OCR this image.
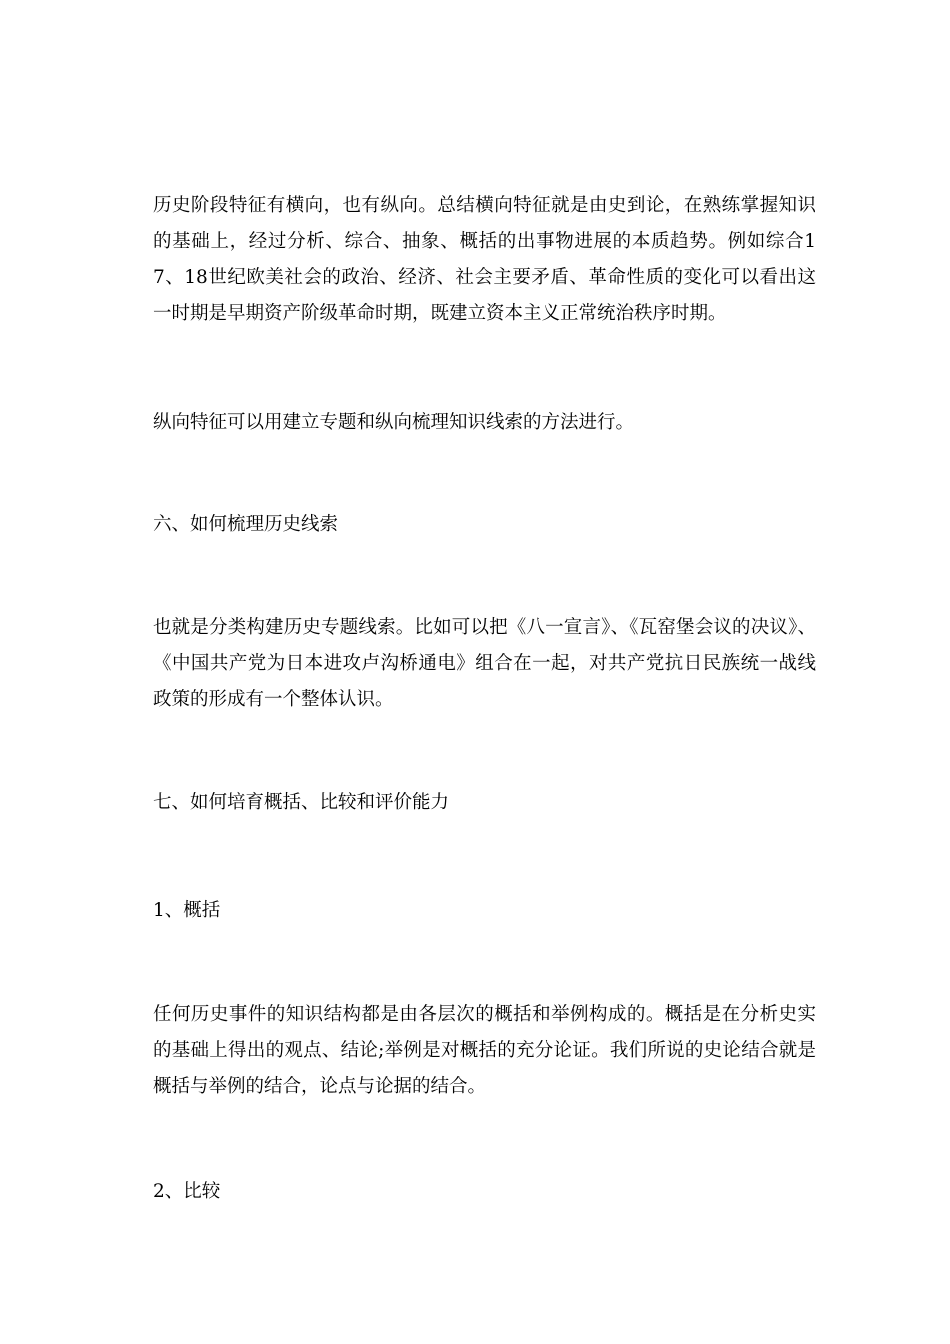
历史阶段特征有横向，也有纵向。总结横向特征就是由史到论，在熟练掌握知识的基础上，经过分析、综合、抽象、概括的出事物进展的本质趋势。例如综合17、18世纪欧美社会的政治、经济、社会主要矛盾、革命性质的变化可以看出这一时期是早期资产阶级革命时期，既建立资本主义正常统治秩序时期。

纵向特征可以用建立专题和纵向梳理知识线索的方法进行。

六、如何梳理历史线索

也就是分类构建历史专题线索。比如可以把《八一宣言》、《瓦窑堡会议的决议》、《中国共产党为日本进攻卢沟桥通电》组合在一起，对共产党抗日民族统一战线政策的形成有一个整体认识。

七、如何培育概括、比较和评价能力

1、概括

任何历史事件的知识结构都是由各层次的概括和举例构成的。概括是在分析史实的基础上得出的观点、结论;举例是对概括的充分论证。我们所说的史论结合就是概括与举例的结合，论点与论据的结合。

2、比较
